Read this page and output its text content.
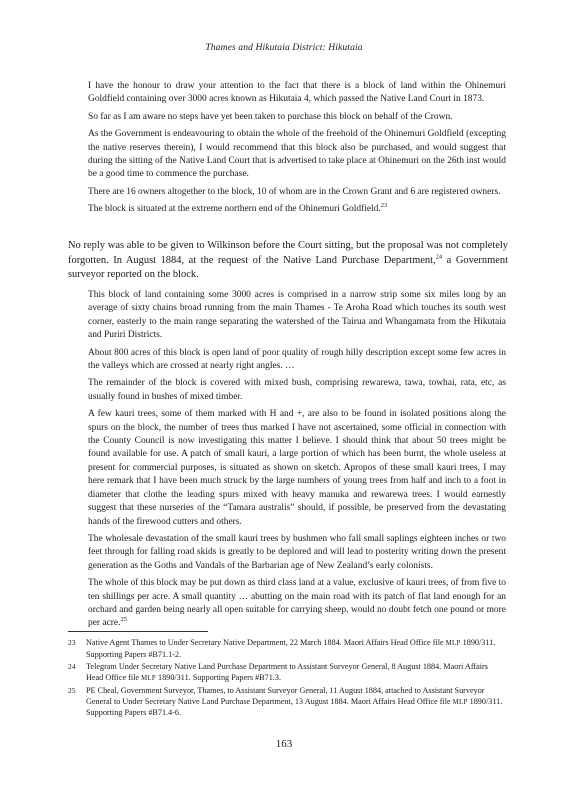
Thames and Hikutaia District: Hikutaia

I have the honour to draw your attention to the fact that there is a block of land within the Ohinemuri Goldfield containing over 3000 acres known as Hikutaia 4, which passed the Native Land Court in 1873.

So far as I am aware no steps have yet been taken to purchase this block on behalf of the Crown.

As the Government is endeavouring to obtain the whole of the freehold of the Ohinemuri Goldfield (excepting the native reserves therein), I would recommend that this block also be purchased, and would suggest that during the sitting of the Native Land Court that is advertised to take place at Ohinemuri on the 26th inst would be a good time to commence the purchase.

There are 16 owners altogether to the block, 10 of whom are in the Crown Grant and 6 are registered owners.

The block is situated at the extreme northern end of the Ohinemuri Goldfield.$^{23}$

No reply was able to be given to Wilkinson before the Court sitting, but the proposal was not completely forgotten. In August 1884, at the request of the Native Land Purchase Department,$^{24}$ a Government surveyor reported on the block.

This block of land containing some 3000 acres is comprised in a narrow strip some six miles long by an average of sixty chains broad running from the main Thames - Te Aroha Road which touches its south west corner, easterly to the main range separating the watershed of the Tairua and Whangamata from the Hikutaia and Puriri Districts.

About 800 acres of this block is open land of poor quality of rough hilly description except some few acres in the valleys which are crossed at nearly right angles. …

The remainder of the block is covered with mixed bush, comprising rewarewa, tawa, towhai, rata, etc, as usually found in bushes of mixed timber.

A few kauri trees, some of them marked with H and +, are also to be found in isolated positions along the spurs on the block, the number of trees thus marked I have not ascertained, some official in connection with the County Council is now investigating this matter I believe. I should think that about 50 trees might be found available for use. A patch of small kauri, a large portion of which has been burnt, the whole useless at present for commercial purposes, is situated as shown on sketch. Apropos of these small kauri trees, I may here remark that I have been much struck by the large numbers of young trees from half and inch to a foot in diameter that clothe the leading spurs mixed with heavy manuka and rewarewa trees. I would earnestly suggest that these nurseries of the “Tamara australis” should, if possible, be preserved from the devastating hands of the firewood cutters and others.

The wholesale devastation of the small kauri trees by bushmen who fall small saplings eighteen inches or two feet through for falling road skids is greatly to be deplored and will lead to posterity writing down the present generation as the Goths and Vandals of the Barbarian age of New Zealand’s early colonists.

The whole of this block may be put down as third class land at a value, exclusive of kauri trees, of from five to ten shillings per acre. A small quantity … abutting on the main road with its patch of flat land enough for an orchard and garden being nearly all open suitable for carrying sheep, would no doubt fetch one pound or more per acre.$^{25}$

23 Native Agent Thames to Under Secretary Native Department, 22 March 1884. Maori Affairs Head Office file MLP 1890/311. Supporting Papers #B71.1-2.
24 Telegram Under Secretary Native Land Purchase Department to Assistant Surveyor General, 8 August 1884. Maori Affairs Head Office file MLP 1890/311. Supporting Papers #B71.3.
25 PE Cheal, Government Surveyor, Thames, to Assistant Surveyor General, 11 August 1884, attached to Assistant Surveyor General to Under Secretary Native Land Purchase Department, 13 August 1884. Maori Affairs Head Office file MLP 1890/311. Supporting Papers #B71.4-6.
163
